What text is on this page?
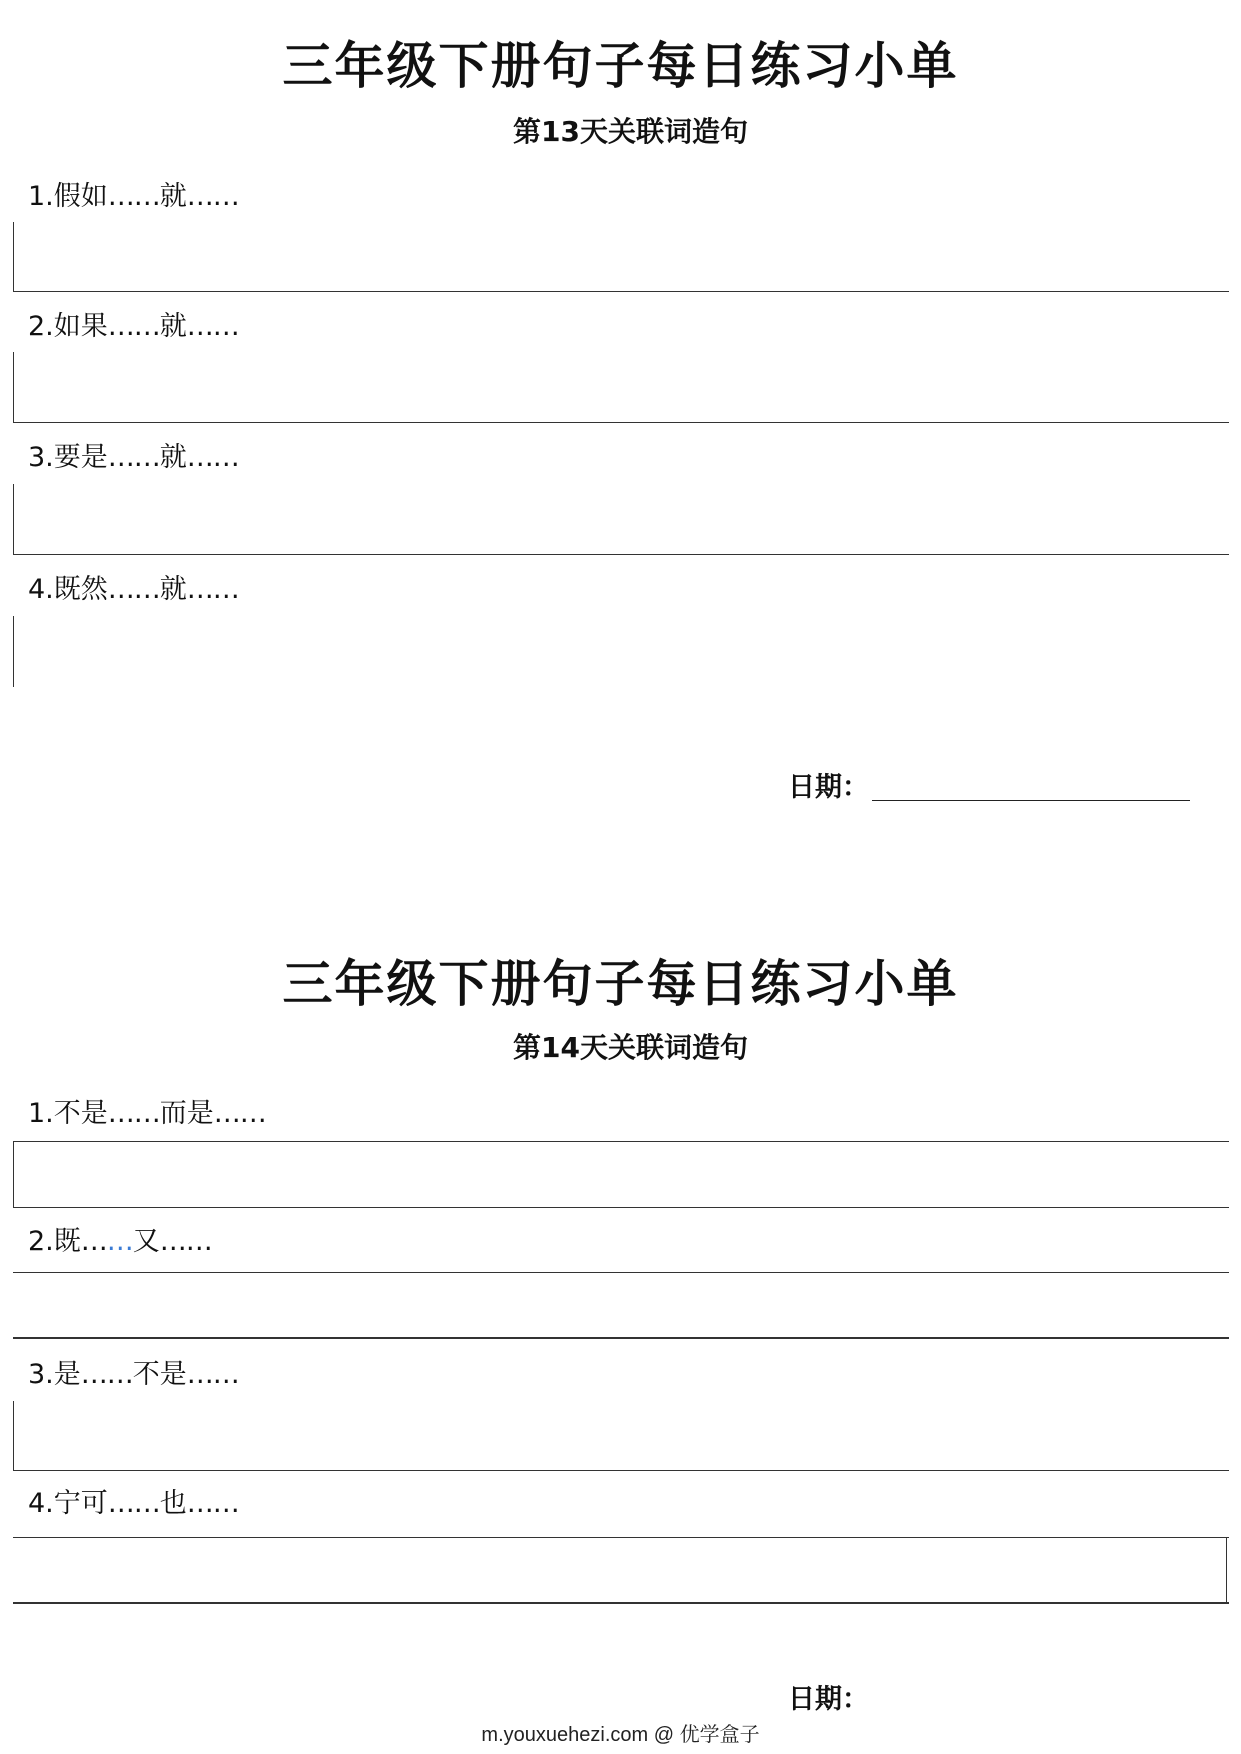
三年级下册句子每日练习小单
第13天关联词造句
1.假如……就……
2.如果……就……
3.要是……就……
4.既然……就……
日期：
三年级下册句子每日练习小单
第14天关联词造句
1.不是……而是……
2.既……又……
3.是……不是……
4.宁可……也……
日期：
m.youxuehezi.com @ 优学盒子
